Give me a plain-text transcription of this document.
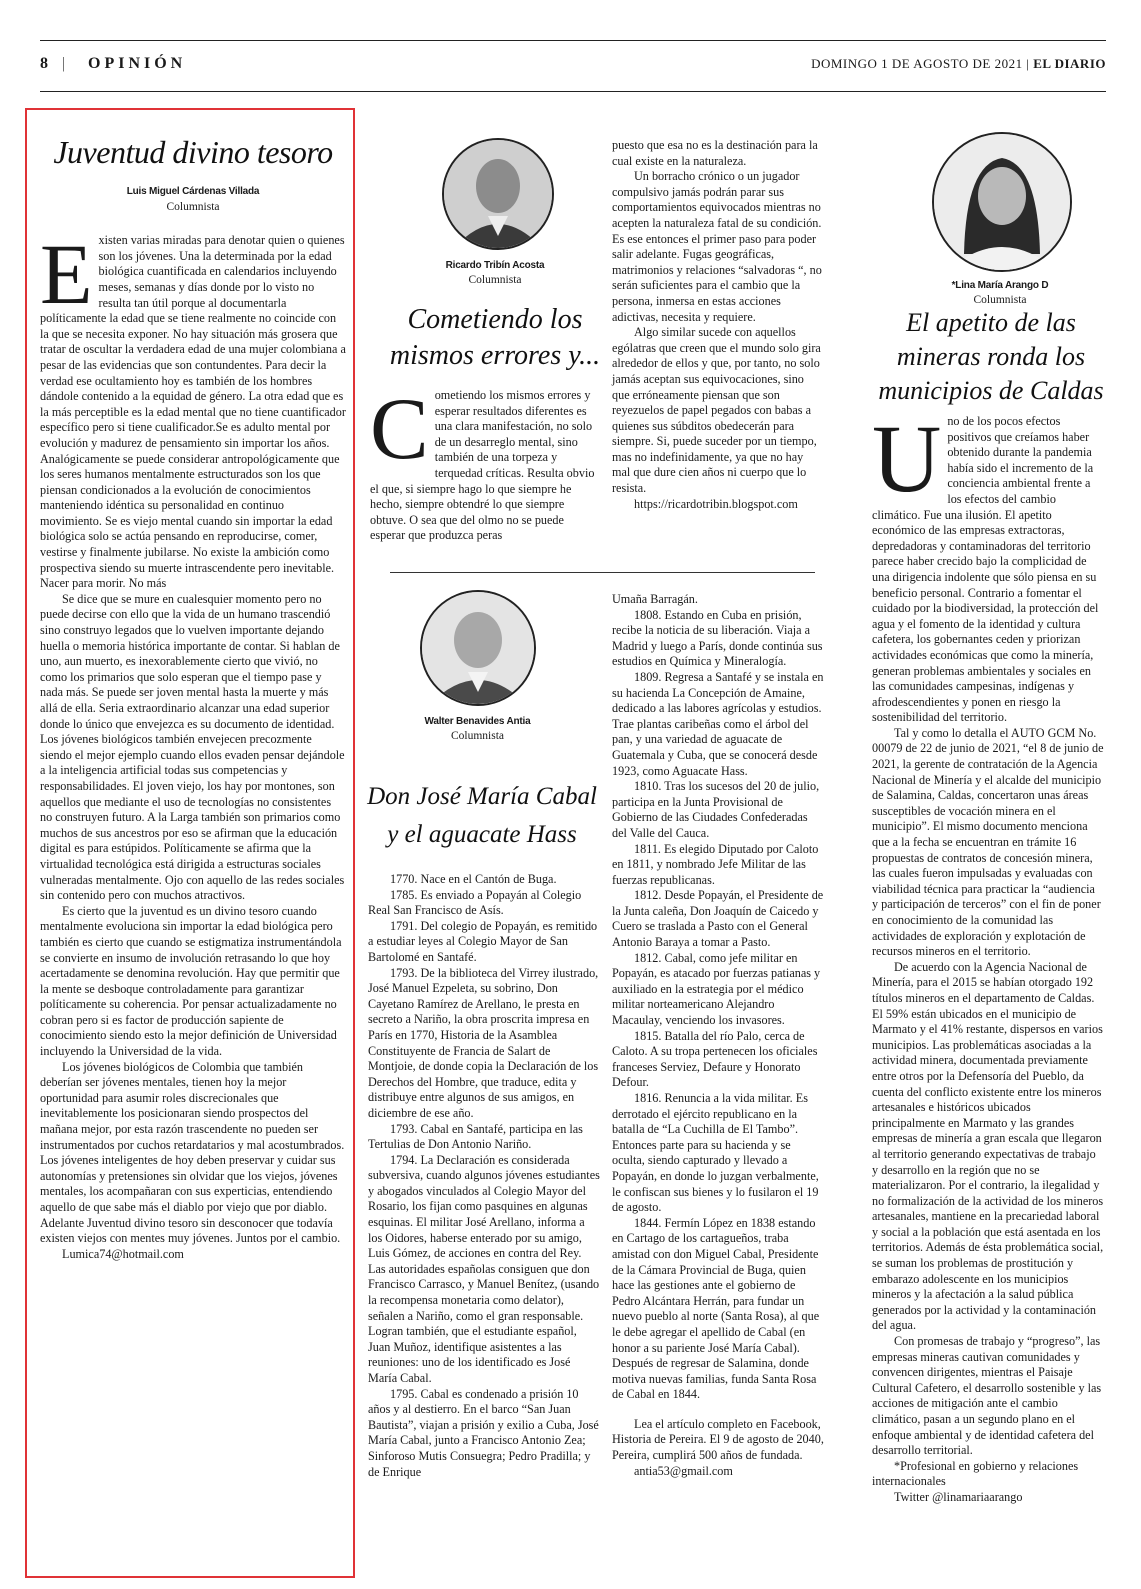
8 | OPINIÓN	DOMINGO 1 DE AGOSTO DE 2021 | EL DIARIO
Juventud divino tesoro
Luis Miguel Cárdenas Villada
Columnista
E xisten varias miradas para denotar quien o quienes son los jóvenes. Una la determinada por la edad biológica cuantificada en calendarios incluyendo meses, semanas y días donde por lo visto no resulta tan útil porque al documentarla políticamente la edad que se tiene realmente no coincide con la que se necesita exponer. No hay situación más grosera que tratar de oscultar la verdadera edad de una mujer colombiana a pesar de las evidencias que son contundentes. Para decir la verdad ese ocultamiento hoy es también de los hombres dándole contenido a la equidad de género. La otra edad que es la más perceptible es la edad mental que no tiene cuantificador específico pero si tiene cualificador.Se es adulto mental por evolución y madurez de pensamiento sin importar los años. Analógicamente se puede considerar antropológicamente que los seres humanos mentalmente estructurados son los que piensan condicionados a la evolución de conocimientos manteniendo idéntica su personalidad en continuo movimiento. Se es viejo mental cuando sin importar la edad biológica solo se actúa pensando en reproducirse, comer, vestirse y finalmente jubilarse. No existe la ambición como prospectiva siendo su muerte intrascendente pero inevitable. Nacer para morir. No más

Se dice que se mure en cualesquier momento pero no puede decirse con ello que la vida de un humano trascendió sino construyo legados que lo vuelven importante dejando huella o memoria histórica importante de contar. Si hablan de uno, aun muerto, es inexorablemente cierto que vivió, no como los primarios que solo esperan que el tiempo pase y nada más. Se puede ser joven mental hasta la muerte y más allá de ella. Seria extraordinario alcanzar una edad superior donde lo único que envejezca es su documento de identidad. Los jóvenes biológicos también envejecen precozmente siendo el mejor ejemplo cuando ellos evaden pensar dejándole a la inteligencia artificial todas sus competencias y responsabilidades. El joven viejo, los hay por montones, son aquellos que mediante el uso de tecnologías no consistentes no construyen futuro. A la Larga también son primarios como muchos de sus ancestros por eso se afirman que la educación digital es para estúpidos. Políticamente se afirma que la virtualidad tecnológica está dirigida a estructuras sociales vulneradas mentalmente. Ojo con aquello de las redes sociales sin contenido pero con muchos atractivos.

Es cierto que la juventud es un divino tesoro cuando mentalmente evoluciona sin importar la edad biológica pero también es cierto que cuando se estigmatiza instrumentándola se convierte en insumo de involución retrasando lo que hoy acertadamente se denomina revolución. Hay que permitir que la mente se desboque controladamente para garantizar políticamente su coherencia. Por pensar actualizadamente no cobran pero si es factor de producción sapiente de conocimiento siendo esto la mejor definición de Universidad incluyendo la Universidad de la vida.

Los jóvenes biológicos de Colombia que también deberían ser jóvenes mentales, tienen hoy la mejor oportunidad para asumir roles discrecionales que inevitablemente los posicionaran siendo prospectos del mañana mejor, por esta razón trascendente no pueden ser instrumentados por cuchos retardatarios y mal acostumbrados. Los jóvenes inteligentes de hoy deben preservar y cuidar sus autonomías y pretensiones sin olvidar que los viejos, jóvenes mentales, los acompañaran con sus experticias, entendiendo aquello de que sabe más el diablo por viejo que por diablo. Adelante Juventud divino tesoro sin desconocer que todavía existen viejos con mentes muy jóvenes. Juntos por el cambio.

Lumica74@hotmail.com

Ricardo Tribín Acosta
Columnista
Cometiendo los
mismos errores y...
C ometiendo los mismos errores y esperar resultados diferentes es una clara manifestación, no solo de un desarreglo mental, sino también de una torpeza y terquedad críticas. Resulta obvio el que, si siempre hago lo que siempre he hecho, siempre obtendré lo que siempre obtuve. O sea que del olmo no se puede esperar que produzca peras

puesto que esa no es la destinación para la cual existe en la naturaleza.

Un borracho crónico o un jugador compulsivo jamás podrán parar sus comportamientos equivocados mientras no acepten la naturaleza fatal de su condición. Es ese entonces el primer paso para poder salir adelante. Fugas geográficas, matrimonios y relaciones “salvadoras “, no serán suficientes para el cambio que la persona, inmersa en estas acciones adictivas, necesita y requiere.

Algo similar sucede con aquellos ególatras que creen que el mundo solo gira alrededor de ellos y que, por tanto, no solo jamás aceptan sus equivocaciones, sino que erróneamente piensan que son reyezuelos de papel pegados con babas a quienes sus súbditos obedecerán para siempre. Si, puede suceder por un tiempo, mas no indefinidamente, ya que no hay mal que dure cien años ni cuerpo que lo resista.

https://ricardotribin.blogspot.com

Walter Benavides Antia
Columnista
Don José María Cabal
y el aguacate Hass

1770. Nace en el Cantón de Buga.

1785. Es enviado a Popayán al Colegio Real San Francisco de Asís.

1791. Del colegio de Popayán, es remitido a estudiar leyes al Colegio Mayor de San Bartolomé en Santafé.

1793. De la biblioteca del Virrey ilustrado, José Manuel Ezpeleta, su sobrino, Don Cayetano Ramírez de Arellano, le presta en secreto a Nariño, la obra proscrita impresa en París en 1770, Historia de la Asamblea Constituyente de Francia de Salart de Montjoie, de donde copia la Declaración de los Derechos del Hombre, que traduce, edita y distribuye entre algunos de sus amigos, en diciembre de ese año.

1793. Cabal en Santafé, participa en las Tertulias de Don Antonio Nariño.

1794. La Declaración es considerada subversiva, cuando algunos jóvenes estudiantes y abogados vinculados al Colegio Mayor del Rosario, los fijan como pasquines en algunas esquinas. El militar José Arellano, informa a los Oidores, haberse enterado por su amigo, Luis Gómez, de acciones en contra del Rey. Las autoridades españolas consiguen que don Francisco Carrasco, y Manuel Benítez, (usando la recompensa monetaria como delator), señalen a Nariño, como el gran responsable. Logran también, que el estudiante español, Juan Muñoz, identifique asistentes a las reuniones: uno de los identificado es José María Cabal.

1795. Cabal es condenado a prisión 10 años y al destierro. En el barco “San Juan Bautista”, viajan a prisión y exilio a Cuba, José María Cabal, junto a Francisco Antonio Zea; Sinforoso Mutis Consuegra; Pedro Pradilla; y de Enrique

Umaña Barragán.

1808. Estando en Cuba en prisión, recibe la noticia de su liberación. Viaja a Madrid y luego a París, donde continúa sus estudios en Química y Mineralogía.

1809. Regresa a Santafé y se instala en su hacienda La Concepción de Amaine, dedicado a las labores agrícolas y estudios. Trae plantas caribeñas como el árbol del pan, y una variedad de aguacate de Guatemala y Cuba, que se conocerá desde 1923, como Aguacate Hass.

1810. Tras los sucesos del 20 de julio, participa en la Junta Provisional de Gobierno de las Ciudades Confederadas del Valle del Cauca.

1811. Es elegido Diputado por Caloto en 1811, y nombrado Jefe Militar de las fuerzas republicanas.

1812. Desde Popayán, el Presidente de la Junta caleña, Don Joaquín de Caicedo y Cuero se traslada a Pasto con el General Antonio Baraya a tomar a Pasto.

1812. Cabal, como jefe militar en Popayán, es atacado por fuerzas patianas y auxiliado en la estrategia por el médico militar norteamericano Alejandro Macaulay, venciendo los invasores.

1815. Batalla del río Palo, cerca de Caloto. A su tropa pertenecen los oficiales franceses Serviez, Defaure y Honorato Defour.

1816. Renuncia a la vida militar. Es derrotado el ejército republicano en la batalla de “La Cuchilla de El Tambo”. Entonces parte para su hacienda y se oculta, siendo capturado y llevado a Popayán, en donde lo juzgan verbalmente, le confiscan sus bienes y lo fusilaron el 19 de agosto.

1844. Fermín López en 1838 estando en Cartago de los cartagueños, traba amistad con don Miguel Cabal, Presidente de la Cámara Provincial de Buga, quien hace las gestiones ante el gobierno de Pedro Alcántara Herrán, para fundar un nuevo pueblo al norte (Santa Rosa), al que le debe agregar el apellido de Cabal (en honor a su pariente José María Cabal). Después de regresar de Salamina, donde motiva nuevas familias, funda Santa Rosa de Cabal en 1844.

Lea el artículo completo en Facebook, Historia de Pereira. El 9 de agosto de 2040, Pereira, cumplirá 500 años de fundada.

antia53@gmail.com

*Lina María Arango D
Columnista
El apetito de las
mineras ronda los
municipios de Caldas
U no de los pocos efectos positivos que creíamos haber obtenido durante la pandemia había sido el incremento de la conciencia ambiental frente a los efectos del cambio climático. Fue una ilusión. El apetito económico de las empresas extractoras, depredadoras y contaminadoras del territorio parece haber crecido bajo la complicidad de una dirigencia indolente que sólo piensa en su beneficio personal. Contrario a fomentar el cuidado por la biodiversidad, la protección del agua y el fomento de la identidad y cultura cafetera, los gobernantes ceden y priorizan actividades económicas que como la minería, generan problemas ambientales y sociales en las comunidades campesinas, indígenas y afrodescendientes y ponen en riesgo la sostenibilidad del territorio.

Tal y como lo detalla el AUTO GCM No. 00079 de 22 de junio de 2021, “el 8 de junio de 2021, la gerente de contratación de la Agencia Nacional de Minería y el alcalde del municipio de Salamina, Caldas, concertaron unas áreas susceptibles de vocación minera en el municipio”. El mismo documento menciona que a la fecha se encuentran en trámite 16 propuestas de contratos de concesión minera, las cuales fueron impulsadas y evaluadas con viabilidad técnica para practicar la “audiencia y participación de terceros” con el fin de poner en conocimiento de la comunidad las actividades de exploración y explotación de recursos mineros en el territorio.

De acuerdo con la Agencia Nacional de Minería, para el 2015 se habían otorgado 192 títulos mineros en el departamento de Caldas. El 59% están ubicados en el municipio de Marmato y el 41% restante, dispersos en varios municipios. Las problemáticas asociadas a la actividad minera, documentada previamente entre otros por la Defensoría del Pueblo, da cuenta del conflicto existente entre los mineros artesanales e históricos ubicados principalmente en Marmato y las grandes empresas de minería a gran escala que llegaron al territorio generando expectativas de trabajo y desarrollo en la región que no se materializaron. Por el contrario, la ilegalidad y no formalización de la actividad de los mineros artesanales, mantiene en la precariedad laboral y social a la población que está asentada en los territorios. Además de ésta problemática social, se suman los problemas de prostitución y embarazo adolescente en los municipios mineros y la afectación a la salud pública generados por la actividad y la contaminación del agua.

Con promesas de trabajo y “progreso”, las empresas mineras cautivan comunidades y convencen dirigentes, mientras el Paisaje Cultural Cafetero, el desarrollo sostenible y las acciones de mitigación ante el cambio climático, pasan a un segundo plano en el enfoque ambiental y de identidad cafetera del desarrollo territorial.

*Profesional en gobierno y relaciones internacionales

Twitter @linamariaarango
